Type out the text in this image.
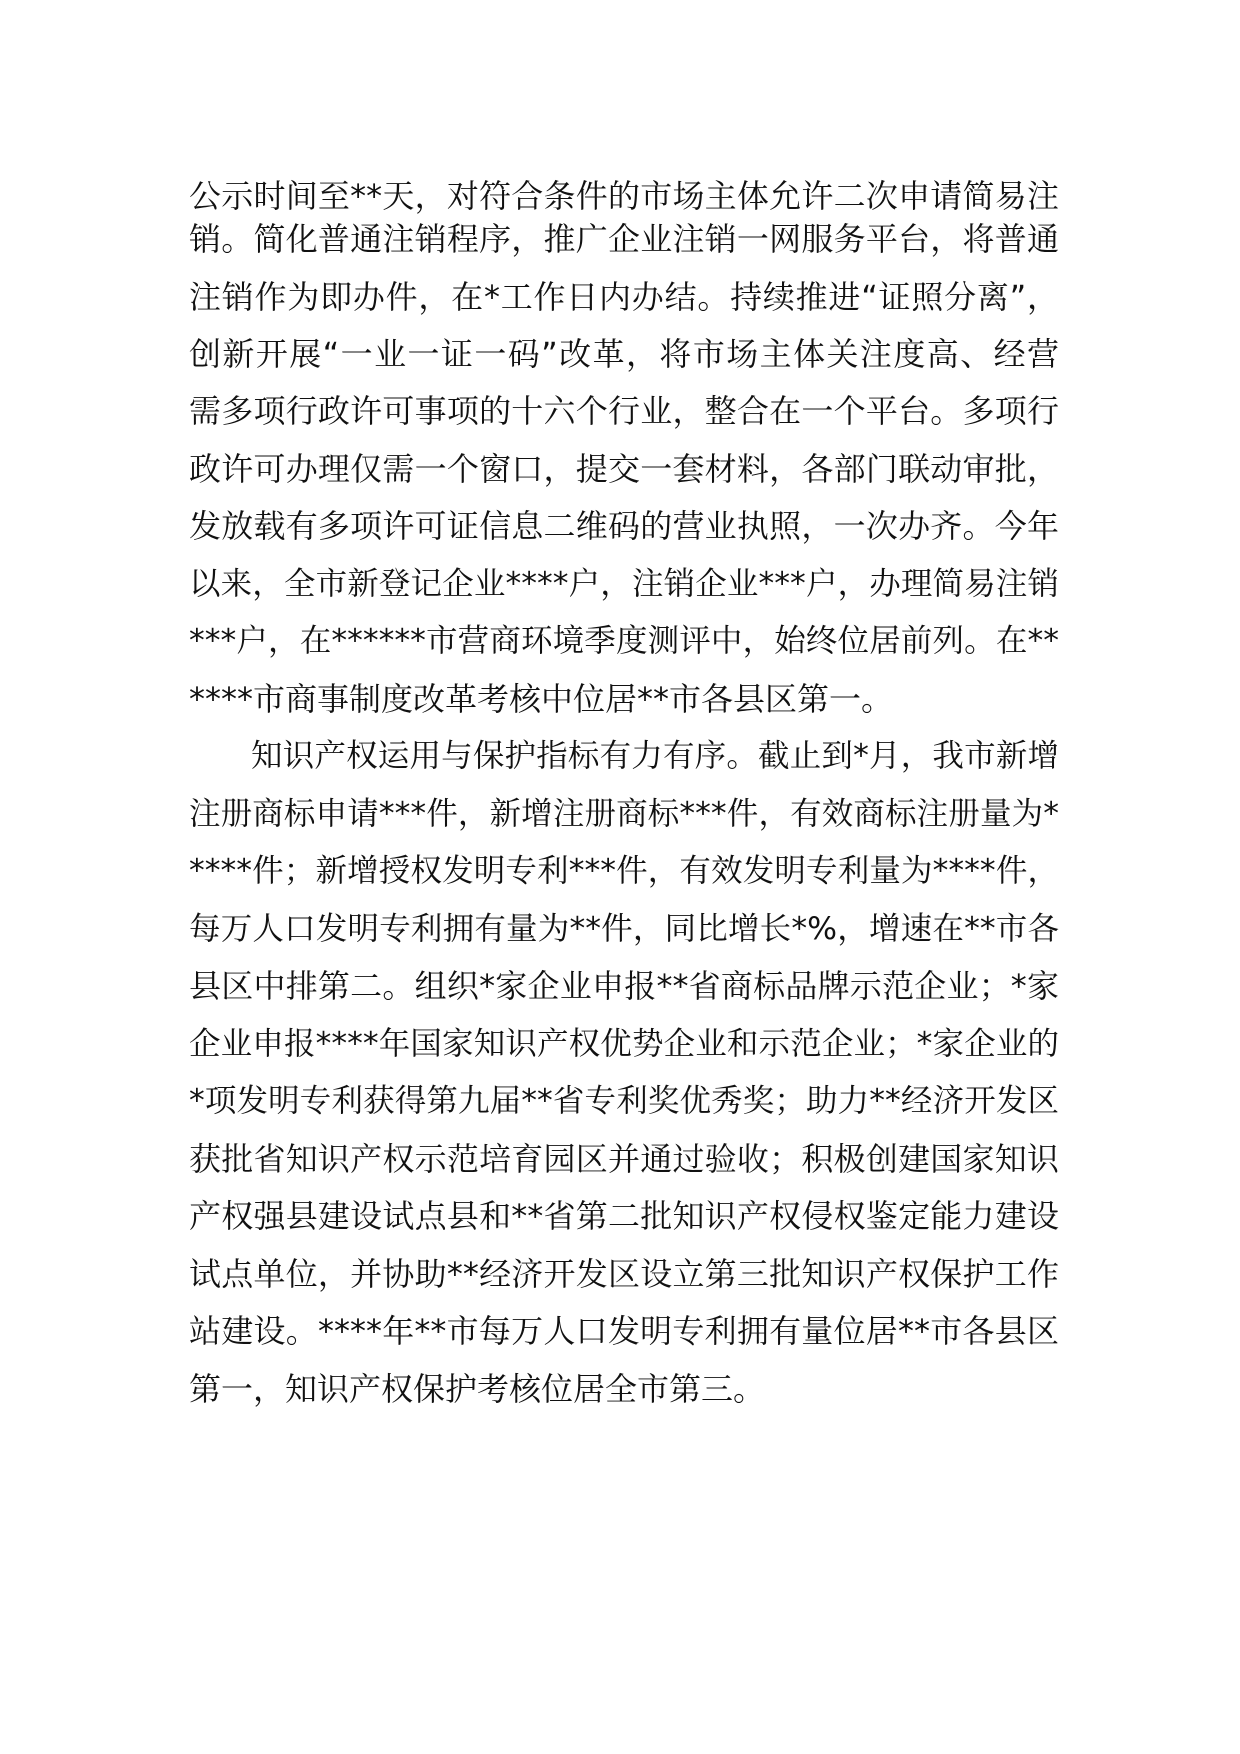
公示时间至**天，对符合条件的市场主体允许二次申请简易注

销。简化普通注销程序，推广企业注销一网服务平台，将普通

注销作为即办件，在*工作日内办结。持续推进“证照分离”，

创新开展“一业一证一码”改革，将市场主体关注度高、经营

需多项行政许可事项的十六个行业，整合在一个平台。多项行

政许可办理仅需一个窗口，提交一套材料，各部门联动审批，

发放载有多项许可证信息二维码的营业执照，一次办齐。今年

以来，全市新登记企业****户，注销企业***户，办理简易注销

***户，在******市营商环境季度测评中，始终位居前列。在**

****市商事制度改革考核中位居**市各县区第一。

知识产权运用与保护指标有力有序。截止到*月，我市新增

注册商标申请***件，新增注册商标***件，有效商标注册量为*

****件；新增授权发明专利***件，有效发明专利量为****件，

每万人口发明专利拥有量为**件，同比增长*%，增速在**市各

县区中排第二。组织*家企业申报**省商标品牌示范企业；*家

企业申报****年国家知识产权优势企业和示范企业；*家企业的

*项发明专利获得第九届**省专利奖优秀奖；助力**经济开发区

获批省知识产权示范培育园区并通过验收；积极创建国家知识

产权强县建设试点县和**省第二批知识产权侵权鉴定能力建设

试点单位，并协助**经济开发区设立第三批知识产权保护工作

站建设。****年**市每万人口发明专利拥有量位居**市各县区

第一，知识产权保护考核位居全市第三。
